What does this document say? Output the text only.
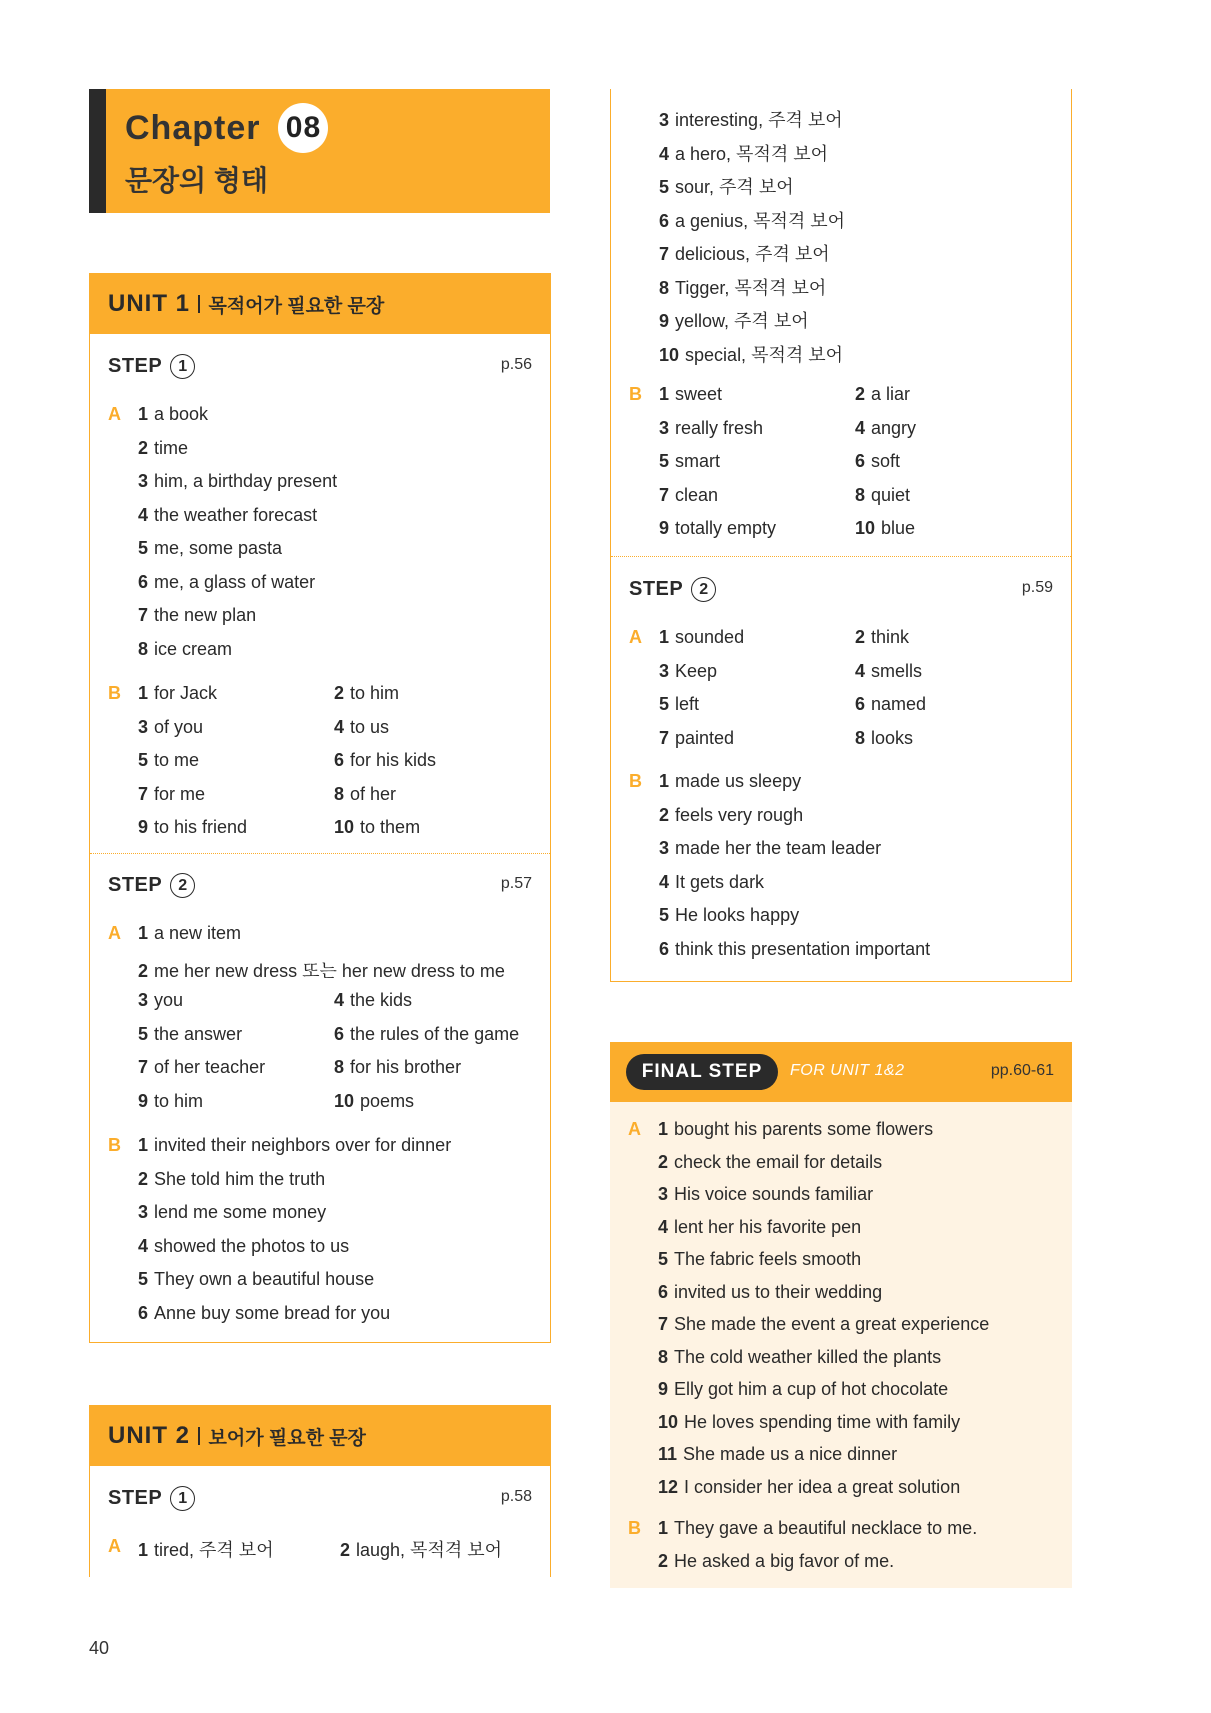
Chapter 08
문장의 형태
UNIT 1 목적어가 필요한 문장
STEP	1	p.56
A 1 a book
2 time
3 him, a birthday present
4 the weather forecast
5 me, some pasta
6 me, a glass of water
7 the new plan
8 ice cream
B 1 for Jack	2 to him
3 of you	4 to us
5 to me	6 for his kids
7 for me	8 of her
9 to his friend	10 to them
STEP	2	p.57
A 1 a new item
2 me her new dress 또는 her new dress to me
3 you	4 the kids
5 the answer	6 the rules of the game
7 of her teacher	8 for his brother
9 to him	10 poems
B 1 invited their neighbors over for dinner
2 She told him the truth
3 lend me some money
4 showed the photos to us
5 They own a beautiful house
6 Anne buy some bread for you
UNIT 2 보어가 필요한 문장
STEP	1	p.58
A 1 tired, 주격 보어	2 laugh, 목적격 보어
3 interesting, 주격 보어
4 a hero, 목적격 보어
5 sour, 주격 보어
6 a genius, 목적격 보어
7 delicious, 주격 보어
8 Tigger, 목적격 보어
9 yellow, 주격 보어
10 special, 목적격 보어
B 1 sweet	2 a liar
3 really fresh	4 angry
5 smart	6 soft
7 clean	8 quiet
9 totally empty	10 blue
STEP	2	p.59
A 1 sounded	2 think
3 Keep	4 smells
5 left	6 named
7 painted	8 looks
B 1 made us sleepy
2 feels very rough
3 made her the team leader
4 It gets dark
5 He looks happy
6 think this presentation important
FINAL STEP	FOR UNIT 1&2	pp.60-61
A 1 bought his parents some flowers
2 check the email for details
3 His voice sounds familiar
4 lent her his favorite pen
5 The fabric feels smooth
6 invited us to their wedding
7 She made the event a great experience
8 The cold weather killed the plants
9 Elly got him a cup of hot chocolate
10 He loves spending time with family
11 She made us a nice dinner
12 I consider her idea a great solution
B 1 They gave a beautiful necklace to me.
2 He asked a big favor of me.
40
